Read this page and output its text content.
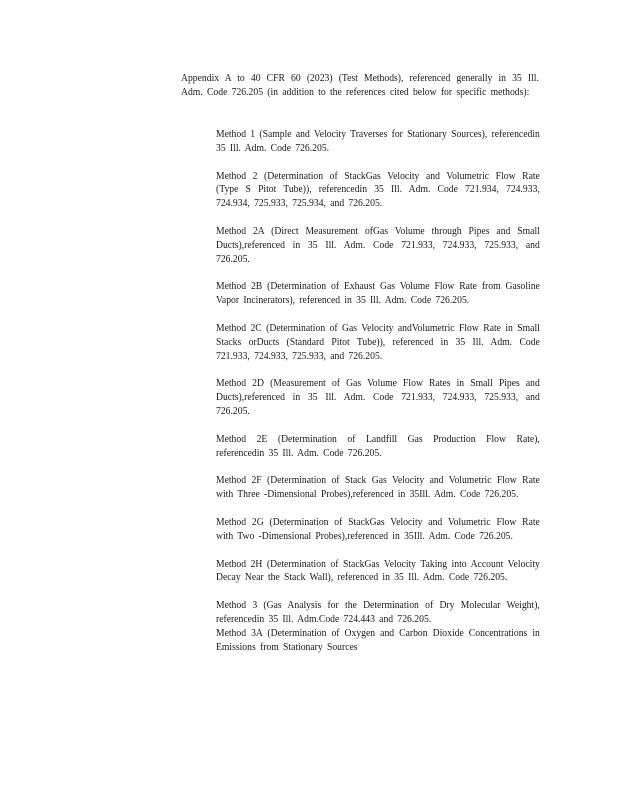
Appendix A to 40 CFR 60 (2023) (Test Methods), referenced generally in 35 Ill. Adm. Code 726.205 (in addition to the references cited below for specific methods):

Method 1 (Sample and Velocity Traverses for Stationary Sources), referencedin 35 Ill. Adm. Code 726.205.

Method 2 (Determination of StackGas Velocity and Volumetric Flow Rate (Type S Pitot Tube)), referencedin 35 Ill. Adm. Code 721.934, 724.933, 724.934, 725.933, 725.934, and 726.205.

Method 2A (Direct Measurement ofGas Volume through Pipes and Small Ducts),referenced in 35 Ill. Adm. Code 721.933, 724.933, 725.933, and 726.205.

Method 2B (Determination of Exhaust Gas Volume Flow Rate from Gasoline Vapor Incinerators), referenced in 35 Ill. Adm. Code 726.205.

Method 2C (Determination of Gas Velocity andVolumetric Flow Rate in Small Stacks orDucts (Standard Pitot Tube)), referenced in 35 Ill. Adm. Code 721.933, 724.933, 725.933, and 726.205.

Method 2D (Measurement of Gas Volume Flow Rates in Small Pipes and Ducts),referenced in 35 Ill. Adm. Code 721.933, 724.933, 725.933, and 726.205.

Method 2E (Determination of Landfill Gas Production Flow Rate), referencedin 35 Ill. Adm. Code 726.205.

Method 2F (Determination of Stack Gas Velocity and Volumetric Flow Rate with Three -Dimensional Probes),referenced in 35Ill. Adm. Code 726.205.

Method 2G (Determination of StackGas Velocity and Volumetric Flow Rate with Two -Dimensional Probes),referenced in 35Ill. Adm. Code 726.205.

Method 2H (Determination of StackGas Velocity Taking into Account Velocity Decay Near the Stack Wall), referenced in 35 Ill. Adm. Code 726.205.

Method 3 (Gas Analysis for the Determination of Dry Molecular Weight), referencedin 35 Ill. Adm.Code 724.443 and 726.205.

Method 3A (Determination of Oxygen and Carbon Dioxide Concentrations in Emissions from Stationary Sources
